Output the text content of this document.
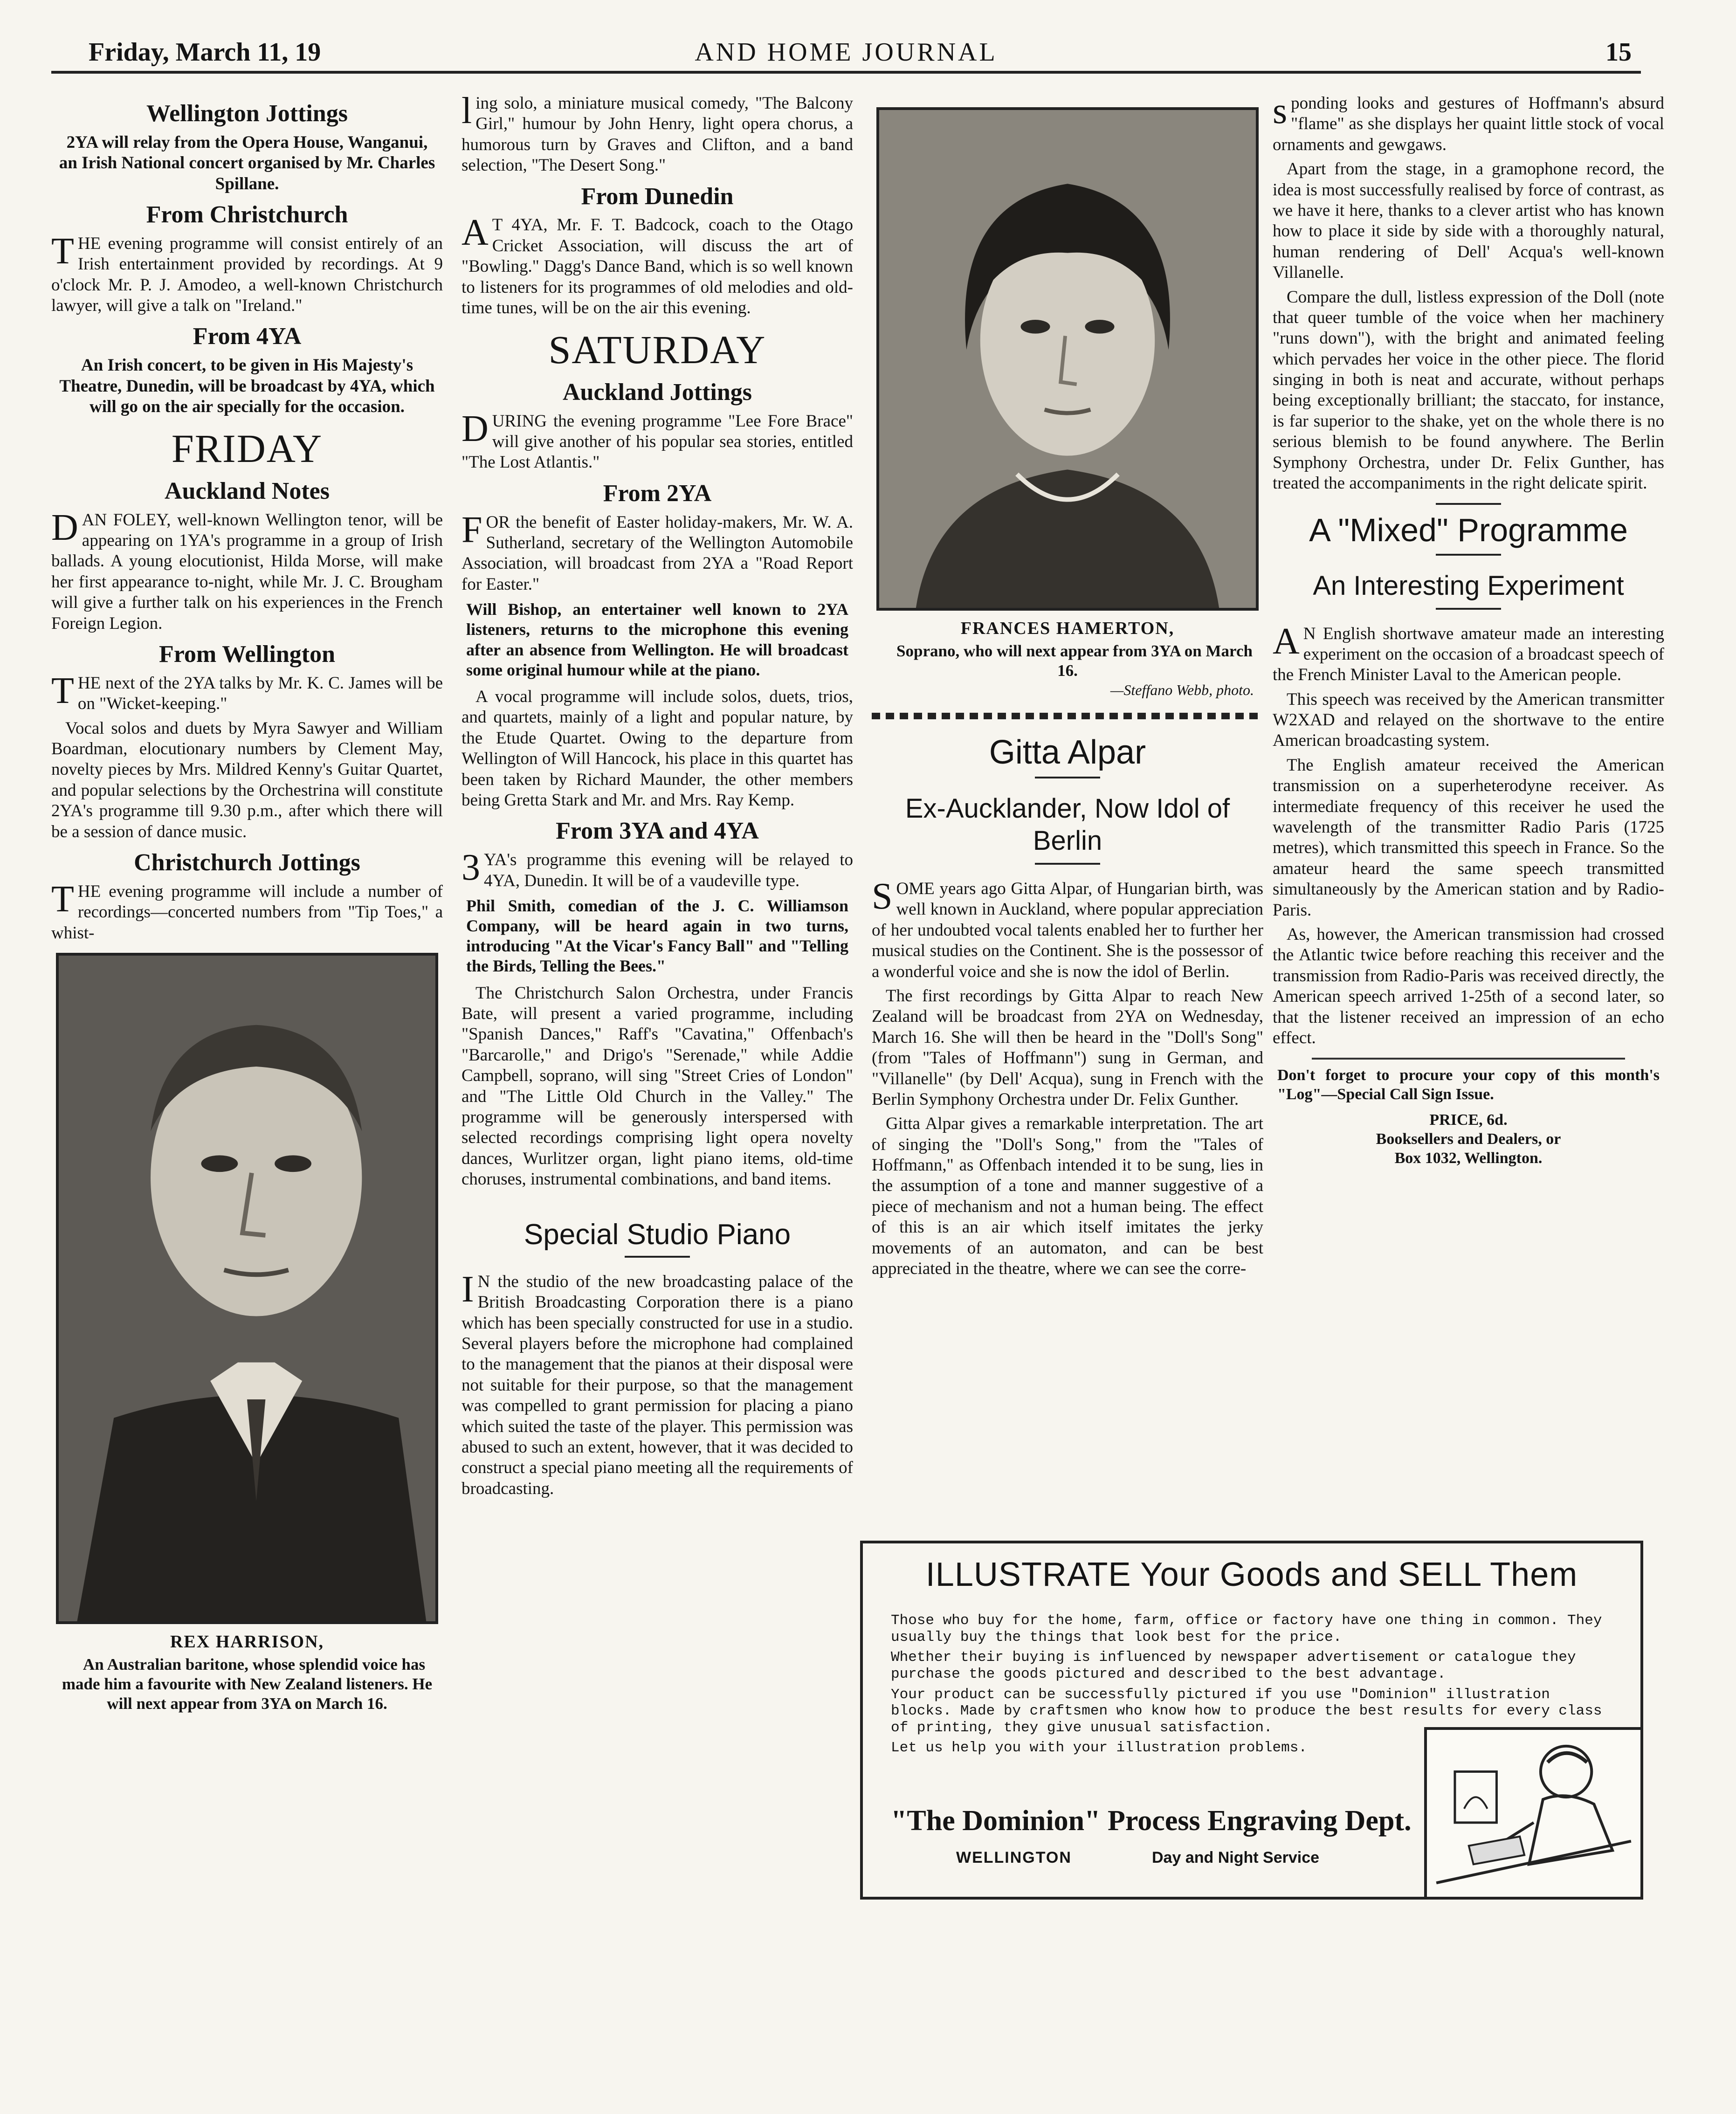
Friday, March 11, 19	AND HOME JOURNAL	15
Wellington Jottings

2YA will relay from the Opera House, Wanganui, an Irish National concert organised by Mr. Charles Spillane.

From Christchurch

THE evening programme will consist entirely of an Irish entertainment provided by recordings. At 9 o'clock Mr. P. J. Amodeo, a well-known Christchurch lawyer, will give a talk on "Ireland."

From 4YA

An Irish concert, to be given in His Majesty's Theatre, Dunedin, will be broadcast by 4YA, which will go on the air specially for the occasion.

FRIDAY
Auckland Notes

DAN FOLEY, well-known Wellington tenor, will be appearing on 1YA's programme in a group of Irish ballads. A young elocutionist, Hilda Morse, will make her first appearance to-night, while Mr. J. C. Brougham will give a further talk on his experiences in the French Foreign Legion.

From Wellington

THE next of the 2YA talks by Mr. K. C. James will be on "Wicket-keeping."

Vocal solos and duets by Myra Sawyer and William Boardman, elocutionary numbers by Clement May, novelty pieces by Mrs. Mildred Kenny's Guitar Quartet, and popular selections by the Orchestrina will constitute 2YA's programme till 9.30 p.m., after which there will be a session of dance music.

Christchurch Jottings

THE evening programme will include a number of recordings—concerted numbers from "Tip Toes," a whist-

REX HARRISON,

An Australian baritone, whose splendid voice has made him a favourite with New Zealand listeners. He will next appear from 3YA on March 16.

ling solo, a miniature musical comedy, "The Balcony Girl," humour by John Henry, light opera chorus, a humorous turn by Graves and Clifton, and a band selection, "The Desert Song."

From Dunedin

AT 4YA, Mr. F. T. Badcock, coach to the Otago Cricket Association, will discuss the art of "Bowling." Dagg's Dance Band, which is so well known to listeners for its programmes of old melodies and old-time tunes, will be on the air this evening.

SATURDAY
Auckland Jottings

DURING the evening programme "Lee Fore Brace" will give another of his popular sea stories, entitled "The Lost Atlantis."

From 2YA

FOR the benefit of Easter holiday-makers, Mr. W. A. Sutherland, secretary of the Wellington Automobile Association, will broadcast from 2YA a "Road Report for Easter."

Will Bishop, an entertainer well known to 2YA listeners, returns to the microphone this evening after an absence from Wellington. He will broadcast some original humour while at the piano.

A vocal programme will include solos, duets, trios, and quartets, mainly of a light and popular nature, by the Etude Quartet. Owing to the departure from Wellington of Will Hancock, his place in this quartet has been taken by Richard Maunder, the other members being Gretta Stark and Mr. and Mrs. Ray Kemp.

From 3YA and 4YA

3YA's programme this evening will be relayed to 4YA, Dunedin. It will be of a vaudeville type.

Phil Smith, comedian of the J. C. Williamson Company, will be heard again in two turns, introducing "At the Vicar's Fancy Ball" and "Telling the Birds, Telling the Bees."

The Christchurch Salon Orchestra, under Francis Bate, will present a varied programme, including "Spanish Dances," Raff's "Cavatina," Offenbach's "Barcarolle," and Drigo's "Serenade," while Addie Campbell, soprano, will sing "Street Cries of London" and "The Little Old Church in the Valley." The programme will be generously interspersed with selected recordings comprising light opera novelty dances, Wurlitzer organ, light piano items, old-time choruses, instrumental combinations, and band items.

Special Studio Piano

IN the studio of the new broadcasting palace of the British Broadcasting Corporation there is a piano which has been specially constructed for use in a studio. Several players before the microphone had complained to the management that the pianos at their disposal were not suitable for their purpose, so that the management was compelled to grant permission for placing a piano which suited the taste of the player. This permission was abused to such an extent, however, that it was decided to construct a special piano meeting all the requirements of broadcasting.

FRANCES HAMERTON,

Soprano, who will next appear from 3YA on March 16.

—Steffano Webb, photo.
Gitta Alpar
Ex-Aucklander, Now Idol of Berlin

SOME years ago Gitta Alpar, of Hungarian birth, was well known in Auckland, where popular appreciation of her undoubted vocal talents enabled her to further her musical studies on the Continent. She is the possessor of a wonderful voice and she is now the idol of Berlin.

The first recordings by Gitta Alpar to reach New Zealand will be broadcast from 2YA on Wednesday, March 16. She will then be heard in the "Doll's Song" (from "Tales of Hoffmann") sung in German, and "Villanelle" (by Dell' Acqua), sung in French with the Berlin Symphony Orchestra under Dr. Felix Gunther.

Gitta Alpar gives a remarkable interpretation. The art of singing the "Doll's Song," from the "Tales of Hoffmann," as Offenbach intended it to be sung, lies in the assumption of a tone and manner suggestive of a piece of mechanism and not a human being. The effect of this is an air which itself imitates the jerky movements of an automaton, and can be best appreciated in the theatre, where we can see the corre-

sponding looks and gestures of Hoffmann's absurd "flame" as she displays her quaint little stock of vocal ornaments and gewgaws.

Apart from the stage, in a gramophone record, the idea is most successfully realised by force of contrast, as we have it here, thanks to a clever artist who has known how to place it side by side with a thoroughly natural, human rendering of Dell' Acqua's well-known Villanelle.

Compare the dull, listless expression of the Doll (note that queer tumble of the voice when her machinery "runs down"), with the bright and animated feeling which pervades her voice in the other piece. The florid singing in both is neat and accurate, without perhaps being exceptionally brilliant; the staccato, for instance, is far superior to the shake, yet on the whole there is no serious blemish to be found anywhere. The Berlin Symphony Orchestra, under Dr. Felix Gunther, has treated the accompaniments in the right delicate spirit.

A "Mixed" Programme
An Interesting Experiment

AN English shortwave amateur made an interesting experiment on the occasion of a broadcast speech of the French Minister Laval to the American people.

This speech was received by the American transmitter W2XAD and relayed on the shortwave to the entire American broadcasting system.

The English amateur received the American transmission on a superheterodyne receiver. As intermediate frequency of this receiver he used the wavelength of the transmitter Radio Paris (1725 metres), which transmitted this speech in France. So the amateur heard the same speech transmitted simultaneously by the American station and by Radio-Paris.

As, however, the American transmission had crossed the Atlantic twice before reaching this receiver and the transmission from Radio-Paris was received directly, the American speech arrived 1-25th of a second later, so that the listener received an impression of an echo effect.

Don't forget to procure your copy of this month's "Log"—Special Call Sign Issue.

PRICE, 6d.

Booksellers and Dealers, or

Box 1032, Wellington.

ILLUSTRATE Your Goods and SELL Them

Those who buy for the home, farm, office or factory have one thing in common. They usually buy the things that look best for the price.

Whether their buying is influenced by newspaper advertisement or catalogue they purchase the goods pictured and described to the best advantage.

Your product can be successfully pictured if you use "Dominion" illustration blocks. Made by craftsmen who know how to produce the best results for every class of printing, they give unusual satisfaction.

Let us help you with your illustration problems.

"The Dominion" Process Engraving Dept.
WELLINGTON	Day and Night Service
